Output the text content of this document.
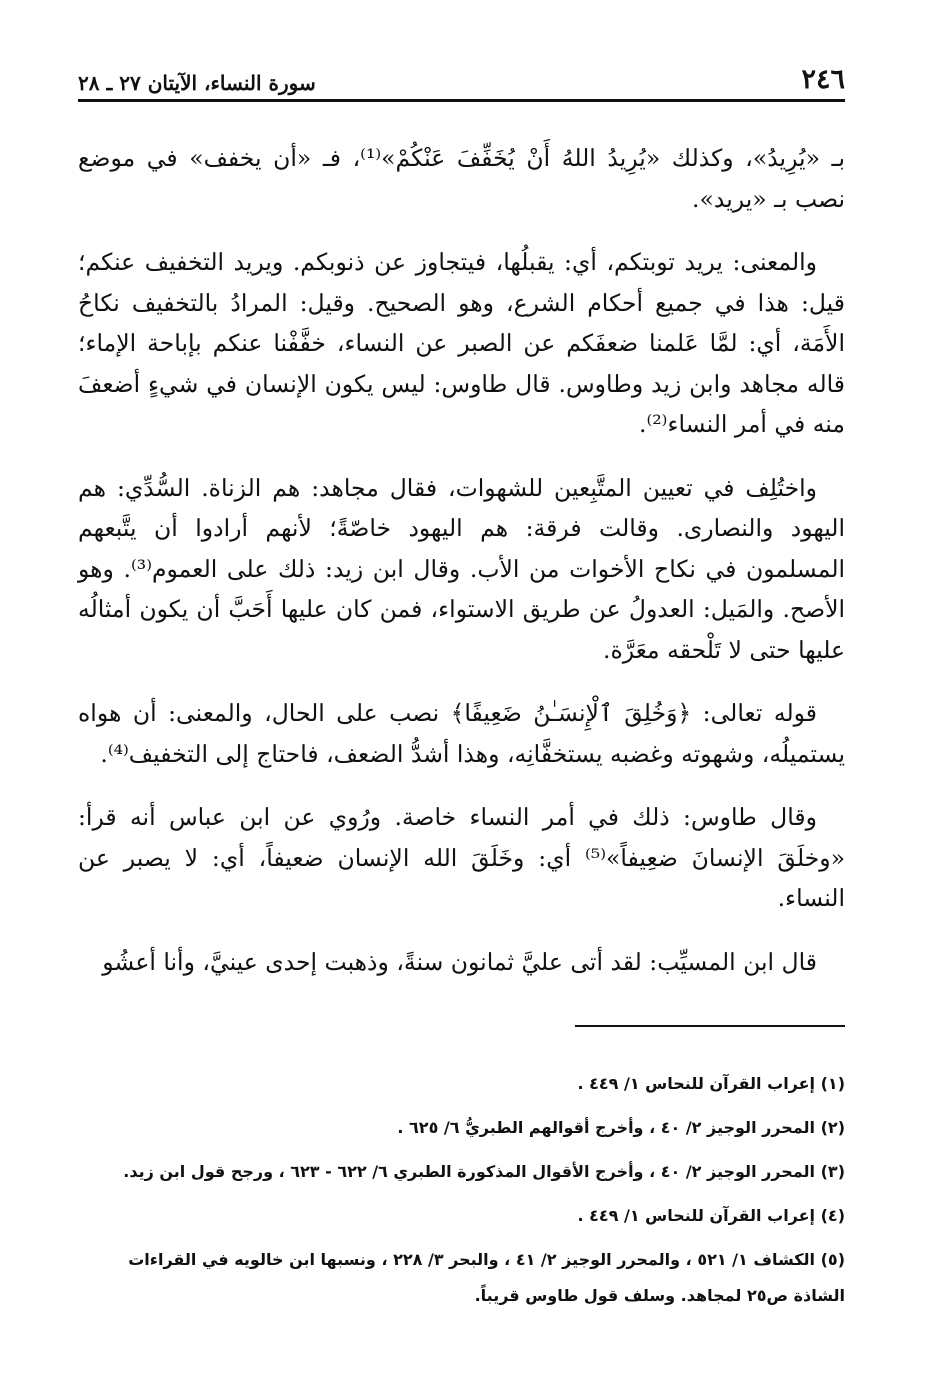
٢٤٦
سورة النساء، الآيتان ٢٧ ـ ٢٨

بـ «يُرِيدُ»، وكذلك «يُرِيدُ اللهُ أَنْ يُخَفِّفَ عَنْكُمْ»⁽¹⁾، فـ «أن يخفف» في موضع نصب بـ «يريد».

والمعنى: يريد توبتكم، أي: يقبلُها، فيتجاوز عن ذنوبكم. ويريد التخفيف عنكم؛ قيل: هذا في جميع أحكام الشرع، وهو الصحيح. وقيل: المرادُ بالتخفيف نكاحُ الأَمَة، أي: لمَّا عَلمنا ضعفَكم عن الصبر عن النساء، خفَّفْنا عنكم بإباحة الإماء؛ قاله مجاهد وابن زيد وطاوس. قال طاوس: ليس يكون الإنسان في شيءٍ أضعفَ منه في أمر النساء⁽²⁾.

واختُلِف في تعيين المتَّبِعين للشهوات، فقال مجاهد: هم الزناة. السُّدِّي: هم اليهود والنصارى. وقالت فرقة: هم اليهود خاصّةً؛ لأنهم أرادوا أن يتَّبعهم المسلمون في نكاح الأخوات من الأب. وقال ابن زيد: ذلك على العموم⁽³⁾. وهو الأصح. والمَيل: العدولُ عن طريق الاستواء، فمن كان عليها أَحَبَّ أن يكون أمثالُه عليها حتى لا تَلْحقه معَرَّة.

قوله تعالى: ﴿وَخُلِقَ ٱلْإِنسَـٰنُ ضَعِيفًا﴾ نصب على الحال، والمعنى: أن هواه يستميلُه، وشهوته وغضبه يستخفَّانِه، وهذا أشدُّ الضعف، فاحتاج إلى التخفيف⁽⁴⁾.

وقال طاوس: ذلك في أمر النساء خاصة. ورُوي عن ابن عباس أنه قرأ: «وخلَقَ الإنسانَ ضعِيفاً»⁽⁵⁾ أي: وخَلَقَ الله الإنسان ضعيفاً، أي: لا يصبر عن النساء.

قال ابن المسيِّب: لقد أتى عليَّ ثمانون سنةً، وذهبت إحدى عينيَّ، وأنا أعشُو

(١) إعراب القرآن للنحاس ١/ ٤٤٩ .

(٢) المحرر الوجيز ٢/ ٤٠ ، وأخرج أقوالهم الطبريُّ ٦/ ٦٢٥ .

(٣) المحرر الوجيز ٢/ ٤٠ ، وأخرج الأقوال المذكورة الطبري ٦/ ٦٢٢ - ٦٢٣ ، ورجح قول ابن زيد.

(٤) إعراب القرآن للنحاس ١/ ٤٤٩ .

(٥) الكشاف ١/ ٥٢١ ، والمحرر الوجيز ٢/ ٤١ ، والبحر ٣/ ٢٢٨ ، ونسبها ابن خالويه في القراءات الشاذة ص٢٥ لمجاهد. وسلف قول طاوس قريباً.
